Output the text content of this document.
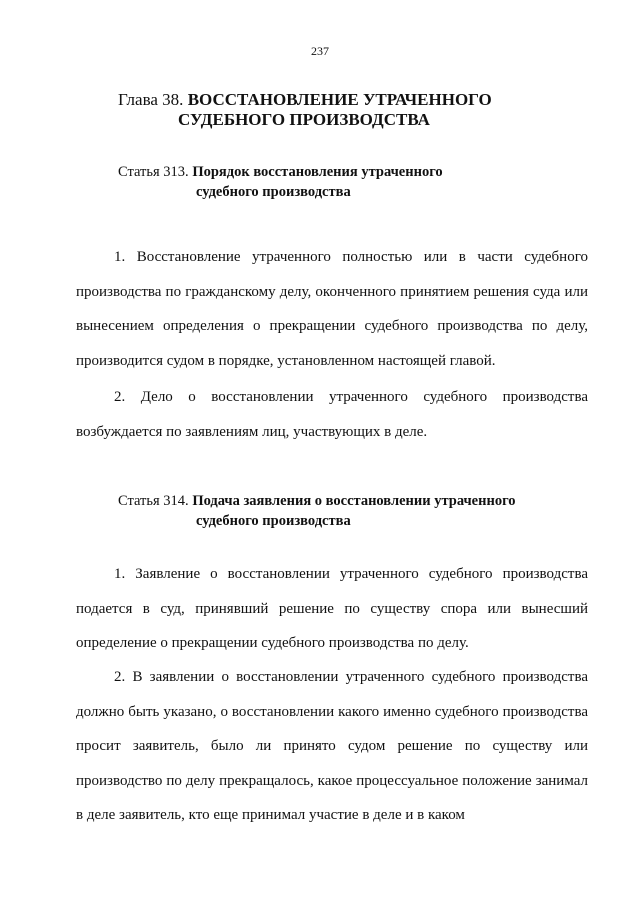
237
Глава 38. ВОССТАНОВЛЕНИЕ УТРАЧЕННОГО
СУДЕБНОГО ПРОИЗВОДСТВА
Статья 313. Порядок восстановления утраченного
судебного производства

1. Восстановление утраченного полностью или в части судебного производства по гражданскому делу, оконченного принятием решения суда или вынесением определения о прекращении судебного производства по делу, производится судом в порядке, установленном настоящей главой.

2. Дело о восстановлении утраченного судебного производства возбуждается по заявлениям лиц, участвующих в деле.

Статья 314. Подача заявления о восстановлении утраченного
судебного производства

1. Заявление о восстановлении утраченного судебного производства подается в суд, принявший решение по существу спора или вынесший определение о прекращении судебного производства по делу.

2. В заявлении о восстановлении утраченного судебного производства должно быть указано, о восстановлении какого именно судебного производства просит заявитель, было ли принято судом решение по существу или производство по делу прекращалось, какое процессуальное положение занимал в деле заявитель, кто еще принимал участие в деле и в каком
